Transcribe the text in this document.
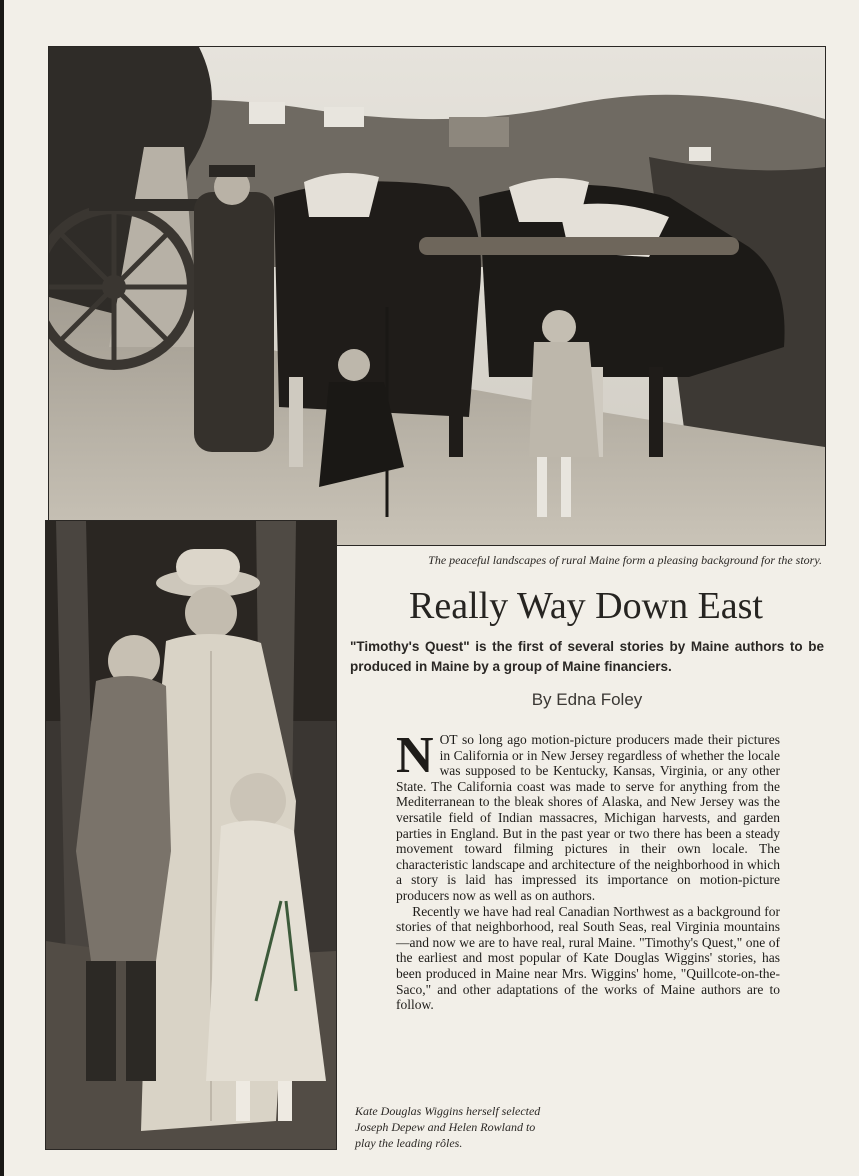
The peaceful landscapes of rural Maine form a pleasing background for the story.

Kate Douglas Wiggins herself selected Joseph Depew and Helen Rowland to play the leading rôles.

Really Way Down East

"Timothy's Quest" is the first of several stories by Maine authors to be produced in Maine by a group of Maine financiers.

By Edna Foley

NOT so long ago motion-picture producers made their pictures in California or in New Jersey regardless of whether the locale was supposed to be Kentucky, Kansas, Virginia, or any other State. The California coast was made to serve for anything from the Mediterranean to the bleak shores of Alaska, and New Jersey was the versatile field of Indian massacres, Michigan harvests, and garden parties in England. But in the past year or two there has been a steady movement toward filming pictures in their own locale. The characteristic landscape and architecture of the neighborhood in which a story is laid has impressed its importance on motion-picture producers now as well as on authors.

Recently we have had real Canadian Northwest as a background for stories of that neighborhood, real South Seas, real Virginia mountains—and now we are to have real, rural Maine. "Timothy's Quest," one of the earliest and most popular of Kate Douglas Wiggins' stories, has been produced in Maine near Mrs. Wiggins' home, "Quillcote-on-the-Saco," and other adaptations of the works of Maine authors are to follow.
